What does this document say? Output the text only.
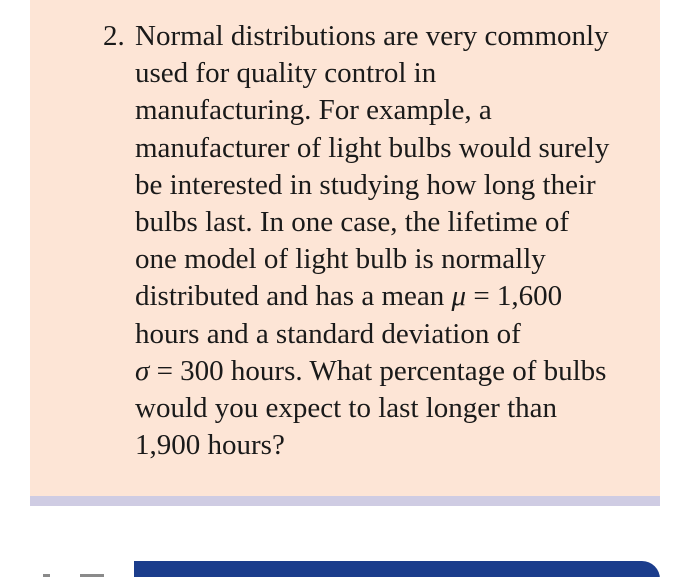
2. Normal distributions are very commonly
used for quality control in
manufacturing. For example, a
manufacturer of light bulbs would surely
be interested in studying how long their
bulbs last. In one case, the lifetime of
one model of light bulb is normally
distributed and has a mean μ = 1,600
hours and a standard deviation of
σ = 300 hours. What percentage of bulbs
would you expect to last longer than
1,900 hours?
